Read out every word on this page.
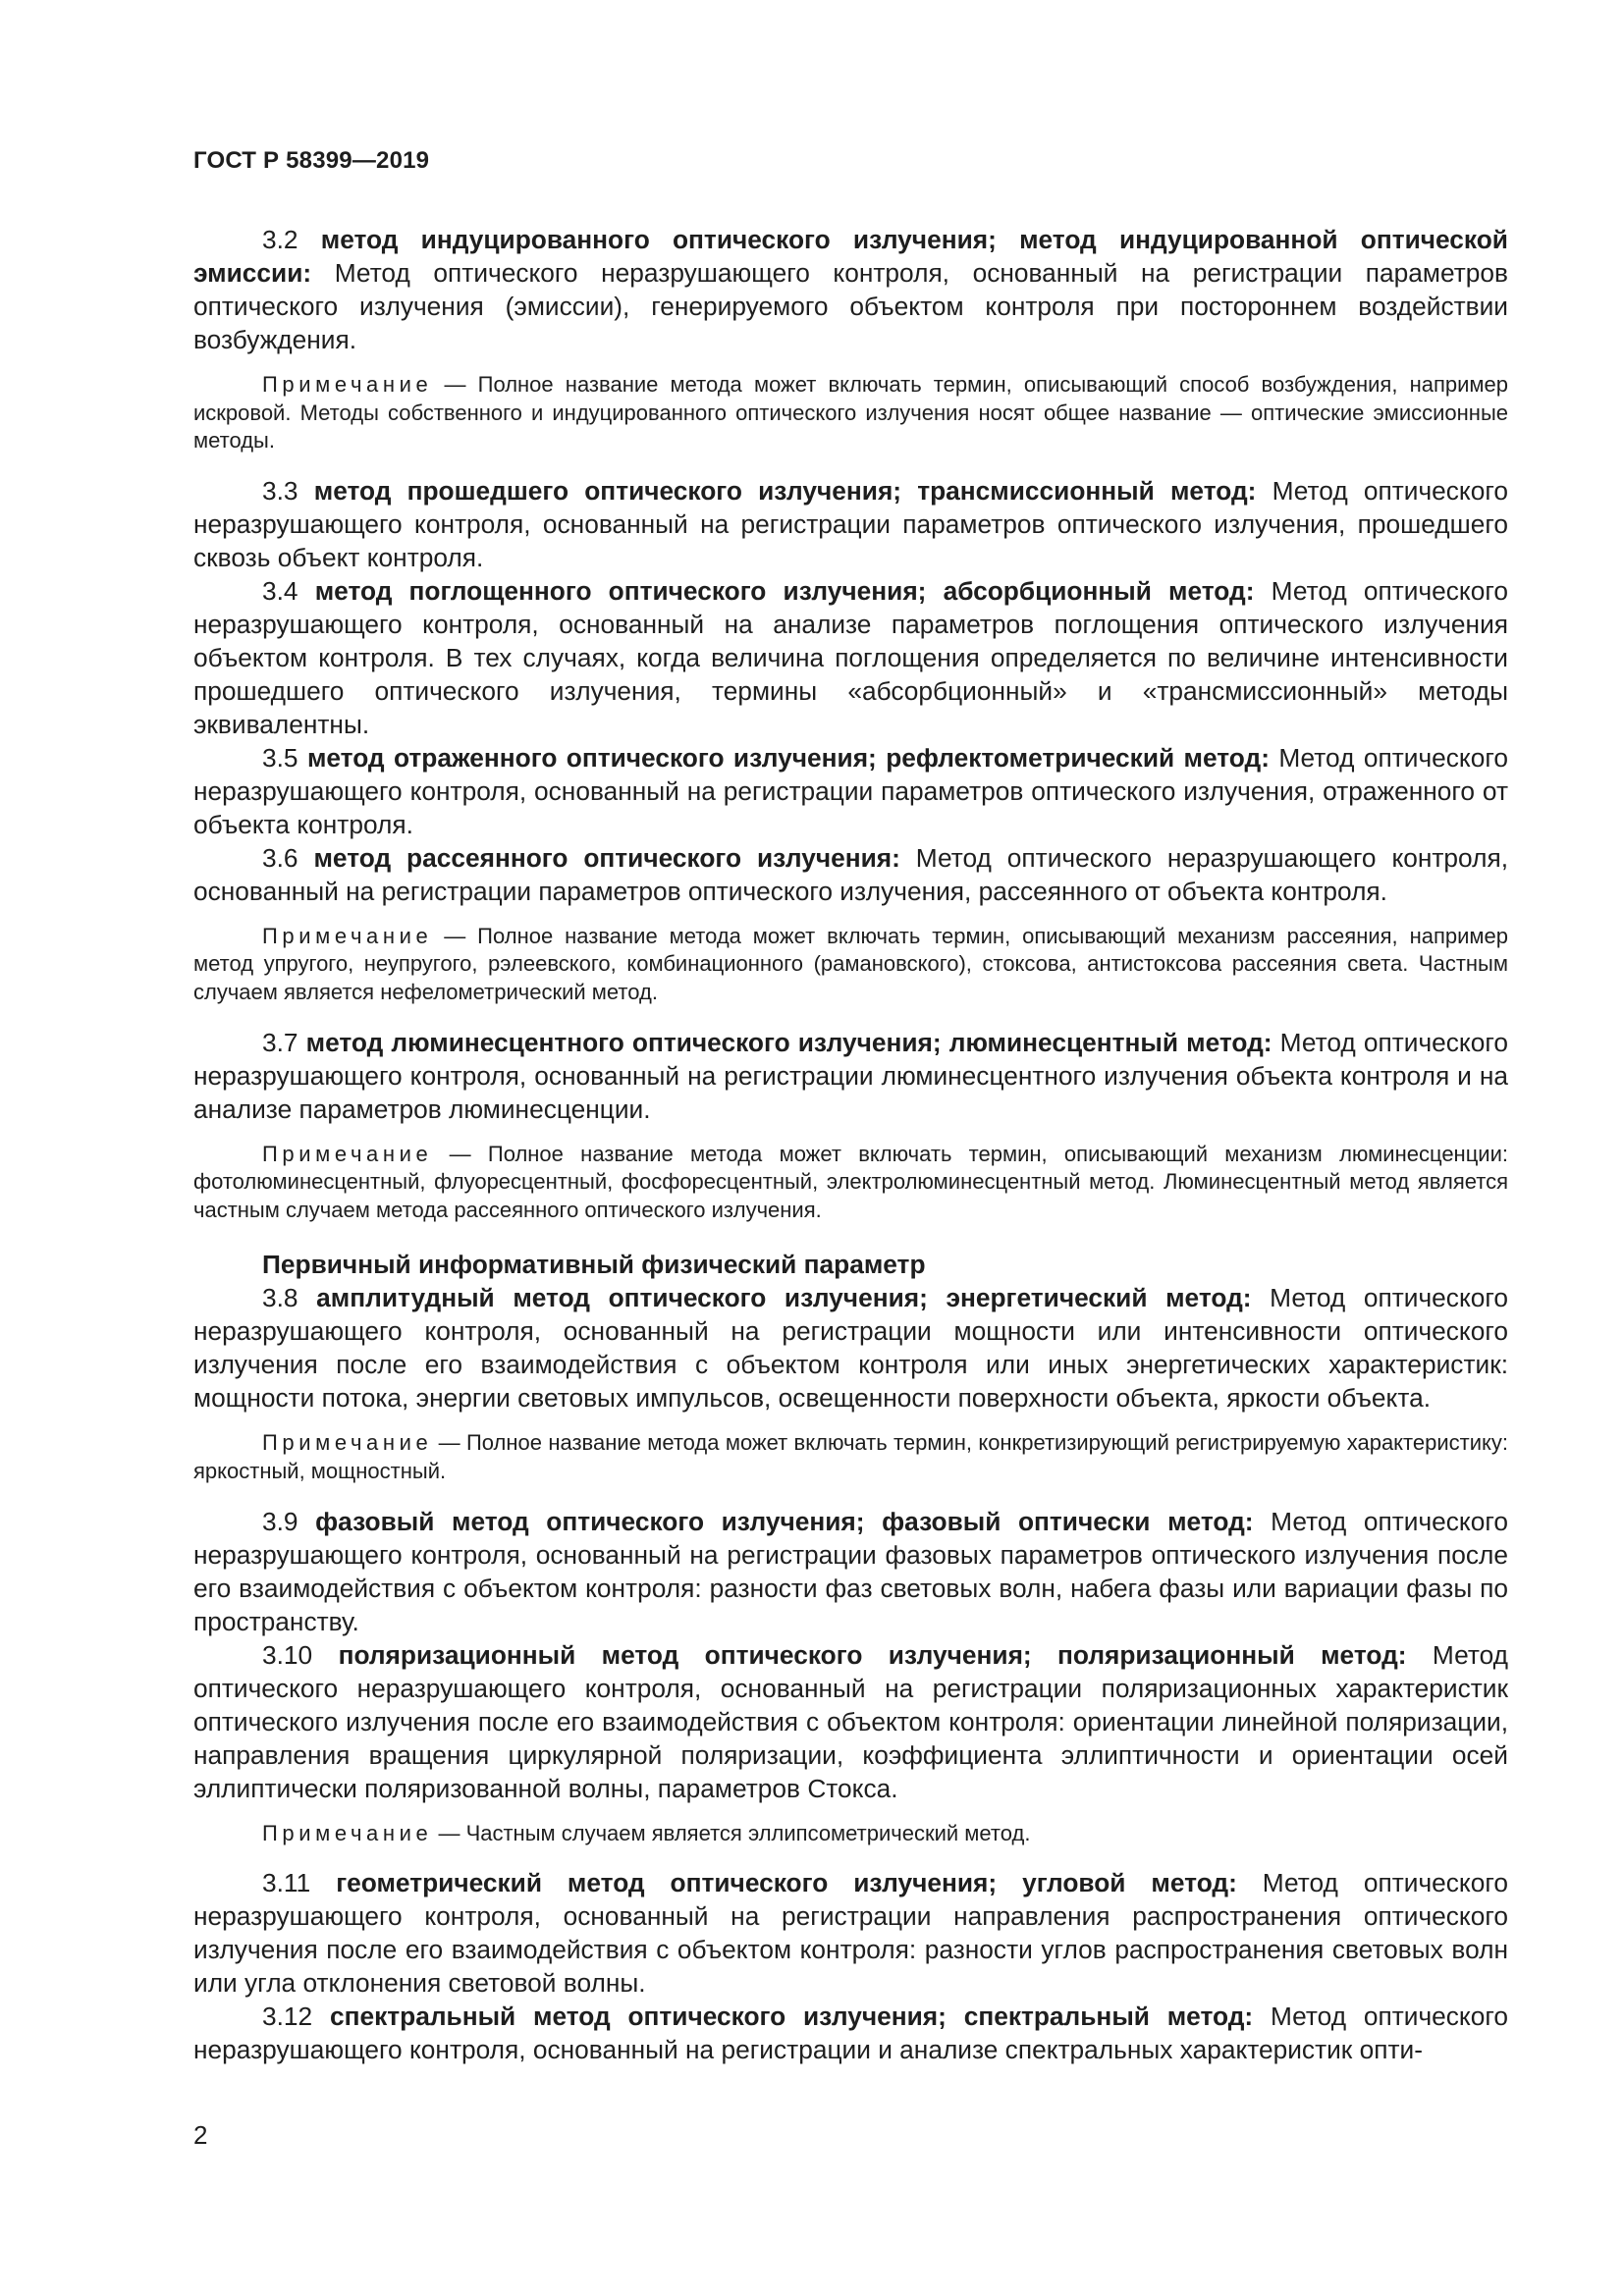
ГОСТ Р 58399—2019

3.2 метод индуцированного оптического излучения; метод индуцированной оптической эмиссии: Метод оптического неразрушающего контроля, основанный на регистрации параметров оптического излучения (эмиссии), генерируемого объектом контроля при постороннем воздействии возбуждения.

Примечание — Полное название метода может включать термин, описывающий способ возбуждения, например искровой. Методы собственного и индуцированного оптического излучения носят общее название — оптические эмиссионные методы.

3.3 метод прошедшего оптического излучения; трансмиссионный метод: Метод оптического неразрушающего контроля, основанный на регистрации параметров оптического излучения, прошедшего сквозь объект контроля.

3.4 метод поглощенного оптического излучения; абсорбционный метод: Метод оптического неразрушающего контроля, основанный на анализе параметров поглощения оптического излучения объектом контроля. В тех случаях, когда величина поглощения определяется по величине интенсивности прошедшего оптического излучения, термины «абсорбционный» и «трансмиссионный» методы эквивалентны.

3.5 метод отраженного оптического излучения; рефлектометрический метод: Метод оптического неразрушающего контроля, основанный на регистрации параметров оптического излучения, отраженного от объекта контроля.

3.6 метод рассеянного оптического излучения: Метод оптического неразрушающего контроля, основанный на регистрации параметров оптического излучения, рассеянного от объекта контроля.

Примечание — Полное название метода может включать термин, описывающий механизм рассеяния, например метод упругого, неупругого, рэлеевского, комбинационного (рамановского), стоксова, антистоксова рассеяния света. Частным случаем является нефелометрический метод.

3.7 метод люминесцентного оптического излучения; люминесцентный метод: Метод оптического неразрушающего контроля, основанный на регистрации люминесцентного излучения объекта контроля и на анализе параметров люминесценции.

Примечание — Полное название метода может включать термин, описывающий механизм люминесценции: фотолюминесцентный, флуоресцентный, фосфоресцентный, электролюминесцентный метод. Люминесцентный метод является частным случаем метода рассеянного оптического излучения.

Первичный информативный физический параметр

3.8 амплитудный метод оптического излучения; энергетический метод: Метод оптического неразрушающего контроля, основанный на регистрации мощности или интенсивности оптического излучения после его взаимодействия с объектом контроля или иных энергетических характеристик: мощности потока, энергии световых импульсов, освещенности поверхности объекта, яркости объекта.

Примечание — Полное название метода может включать термин, конкретизирующий регистрируемую характеристику: яркостный, мощностный.

3.9 фазовый метод оптического излучения; фазовый оптически метод: Метод оптического неразрушающего контроля, основанный на регистрации фазовых параметров оптического излучения после его взаимодействия с объектом контроля: разности фаз световых волн, набега фазы или вариации фазы по пространству.

3.10 поляризационный метод оптического излучения; поляризационный метод: Метод оптического неразрушающего контроля, основанный на регистрации поляризационных характеристик оптического излучения после его взаимодействия с объектом контроля: ориентации линейной поляризации, направления вращения циркулярной поляризации, коэффициента эллиптичности и ориентации осей эллиптически поляризованной волны, параметров Стокса.

Примечание — Частным случаем является эллипсометрический метод.

3.11 геометрический метод оптического излучения; угловой метод: Метод оптического неразрушающего контроля, основанный на регистрации направления распространения оптического излучения после его взаимодействия с объектом контроля: разности углов распространения световых волн или угла отклонения световой волны.

3.12 спектральный метод оптического излучения; спектральный метод: Метод оптического неразрушающего контроля, основанный на регистрации и анализе спектральных характеристик опти-

2
